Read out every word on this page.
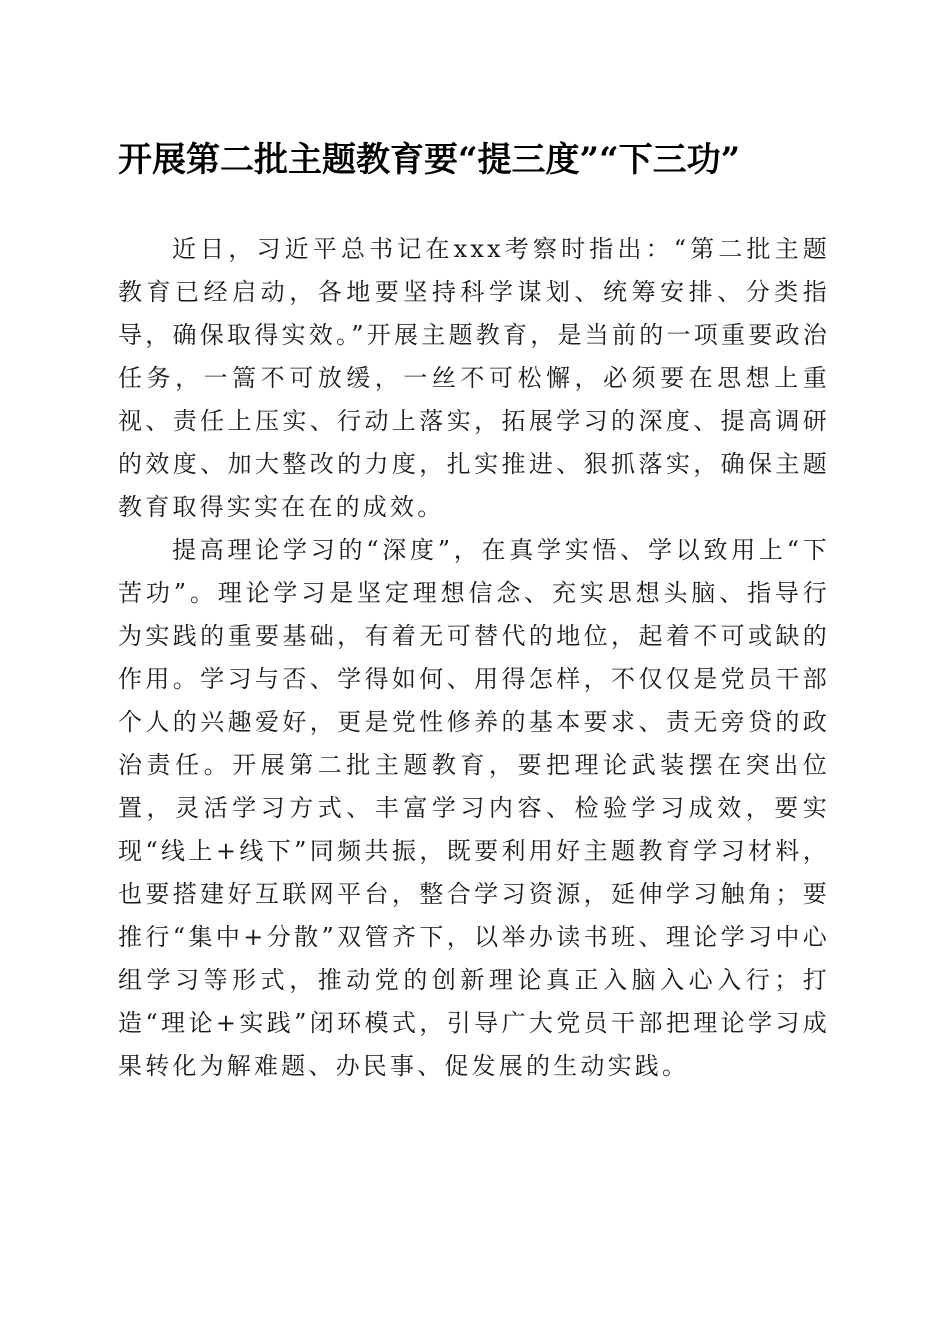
开展第二批主题教育要“提三度”“下三功”

近日，习近平总书记在xxx考察时指出：“第二批主题教育已经启动，各地要坚持科学谋划、统筹安排、分类指导，确保取得实效。”开展主题教育，是当前的一项重要政治任务，一篙不可放缓，一丝不可松懈，必须要在思想上重视、责任上压实、行动上落实，拓展学习的深度、提高调研的效度、加大整改的力度，扎实推进、狠抓落实，确保主题教育取得实实在在的成效。

提高理论学习的“深度”，在真学实悟、学以致用上“下苦功”。理论学习是坚定理想信念、充实思想头脑、指导行为实践的重要基础，有着无可替代的地位，起着不可或缺的作用。学习与否、学得如何、用得怎样，不仅仅是党员干部个人的兴趣爱好，更是党性修养的基本要求、责无旁贷的政治责任。开展第二批主题教育，要把理论武装摆在突出位置，灵活学习方式、丰富学习内容、检验学习成效，要实现“线上+线下”同频共振，既要利用好主题教育学习材料，也要搭建好互联网平台，整合学习资源，延伸学习触角；要推行“集中+分散”双管齐下，以举办读书班、理论学习中心组学习等形式，推动党的创新理论真正入脑入心入行；打造“理论+实践”闭环模式，引导广大党员干部把理论学习成果转化为解难题、办民事、促发展的生动实践。
